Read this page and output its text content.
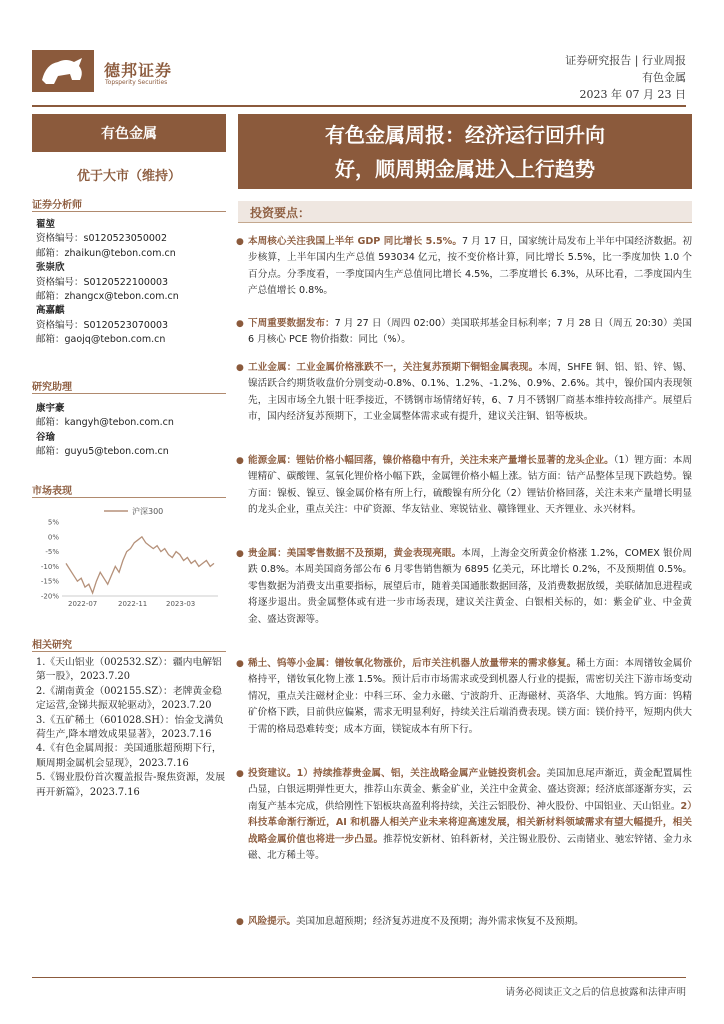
德邦证券
Topsperity Securities
证券研究报告 | 行业周报
有色金属
2023 年 07 月 23 日
有色金属
优于大市（维持）
证券分析师
翟堃
资格编号：s0120523050002
邮箱：zhaikun@tebon.com.cn
张崇欣
资格编号：S0120522100003
邮箱：zhangcx@tebon.com.cn
高嘉麒
资格编号：S0120523070003
邮箱：gaojq@tebon.com.cn
研究助理
康宇豪
邮箱：kangyh@tebon.com.cn
谷瑜
邮箱：guyu5@tebon.com.cn
市场表现
5%
0%
-5%
-10%
-15%
-20%
2022-07	2022-11	2023-03
沪深300
相关研究
1.《天山铝业（002532.SZ）：疆内电解铝第一股》，2023.7.20
2.《湖南黄金（002155.SZ）：老牌黄金稳定运营,金锑共振双轮驱动》，2023.7.20
3.《五矿稀土（601028.SH）：怡金戈满负荷生产,降本增效成果显著》，2023.7.16
4.《有色金属周报：美国通胀超预期下行，顺周期金属机会显现》，2023.7.16
5.《锡业股份首次覆盖报告-聚焦资源，发展再开新篇》，2023.7.16
有色金属周报：经济运行回升向
好，顺周期金属进入上行趋势
投资要点：
● 本周核心关注我国上半年 GDP 同比增长 5.5%。7 月 17 日，国家统计局发布上半年中国经济数据。初步核算，上半年国内生产总值 593034 亿元，按不变价格计算，同比增长 5.5%，比一季度加快 1.0 个百分点。分季度看，一季度国内生产总值同比增长 4.5%，二季度增长 6.3%，从环比看，二季度国内生产总值增长 0.8%。
● 下周重要数据发布：7 月 27 日（周四 02:00）美国联邦基金目标利率；7 月 28 日（周五 20:30）美国 6 月核心 PCE 物价指数：同比（%）。
● 工业金属：工业金属价格涨跌不一，关注复苏预期下铜铝金属表现。本周，SHFE 铜、铝、铅、锌、锡、镍活跃合约期货收盘价分别变动-0.8%、0.1%、1.2%、-1.2%、0.9%、2.6%。其中，镍价国内表现领先，主因市场全九银十旺季接近，不锈钢市场情绪好转，6、7 月不锈钢厂商基本维持较高排产。展望后市，国内经济复苏预期下，工业金属整体需求或有提升，建议关注铜、铝等板块。
● 能源金属：锂钴价格小幅回落，镍价格稳中有升，关注未来产量增长显著的龙头企业。（1）锂方面：本周锂精矿、碳酸锂、氢氧化锂价格小幅下跌，金属锂价格小幅上涨。钴方面：钴产品整体呈现下跌趋势。镍方面：镍板、镍豆、镍金属价格有所上行，硫酸镍有所分化（2）锂钴价格回落，关注未来产量增长明显的龙头企业，重点关注：中矿资源、华友钴业、寒锐钴业、赣锋锂业、天齐锂业、永兴材料。
● 贵金属：美国零售数据不及预期，黄金表现亮眼。本周，上海金交所黄金价格涨 1.2%，COMEX 银价周跌 0.8%。本周美国商务部公布 6 月零售销售额为 6895 亿美元，环比增长 0.2%，不及预期值 0.5%。零售数据为消费支出重要指标，展望后市，随着美国通胀数据回落，及消费数据放缓，美联储加息进程或将逐步退出。贵金属整体或有进一步市场表现，建议关注黄金、白银相关标的，如：紫金矿业、中金黄金、盛达资源等。
● 稀土、钨等小金属：镨钕氧化物涨价，后市关注机器人放量带来的需求修复。稀土方面：本周镨钕金属价格持平，镨钕氧化物上涨 1.5%。预计后市市场需求或受到机器人行业的提振，需密切关注下游市场变动情况，重点关注磁材企业：中科三环、金力永磁、宁波韵升、正海磁材、英洛华、大地熊。钨方面：钨精矿价格下跌，目前供应偏紧，需求无明显利好，持续关注后端消费表现。镁方面：镁价持平，短期内供大于需的格局恐难转变；成本方面，镁锭成本有所下行。
● 投资建议。1）持续推荐贵金属、铝，关注战略金属产业链投资机会。美国加息尾声渐近，黄金配置属性凸显，白银远期弹性更大，推荐山东黄金、紫金矿业，关注中金黄金、盛达资源；经济底部逐渐夯实，云南复产基本完成，供给刚性下铝板块高盈利将持续，关注云铝股份、神火股份、中国铝业、天山铝业。2）科技革命渐行渐近，AI 和机器人相关产业未来将迎高速发展，相关新材料领域需求有望大幅提升，相关战略金属价值也将进一步凸显。推荐悦安新材、铂科新材，关注锡业股份、云南锗业、驰宏锌锗、金力永磁、北方稀土等。
● 风险提示。美国加息超预期；经济复苏进度不及预期；海外需求恢复不及预期。
请务必阅读正文之后的信息披露和法律声明
